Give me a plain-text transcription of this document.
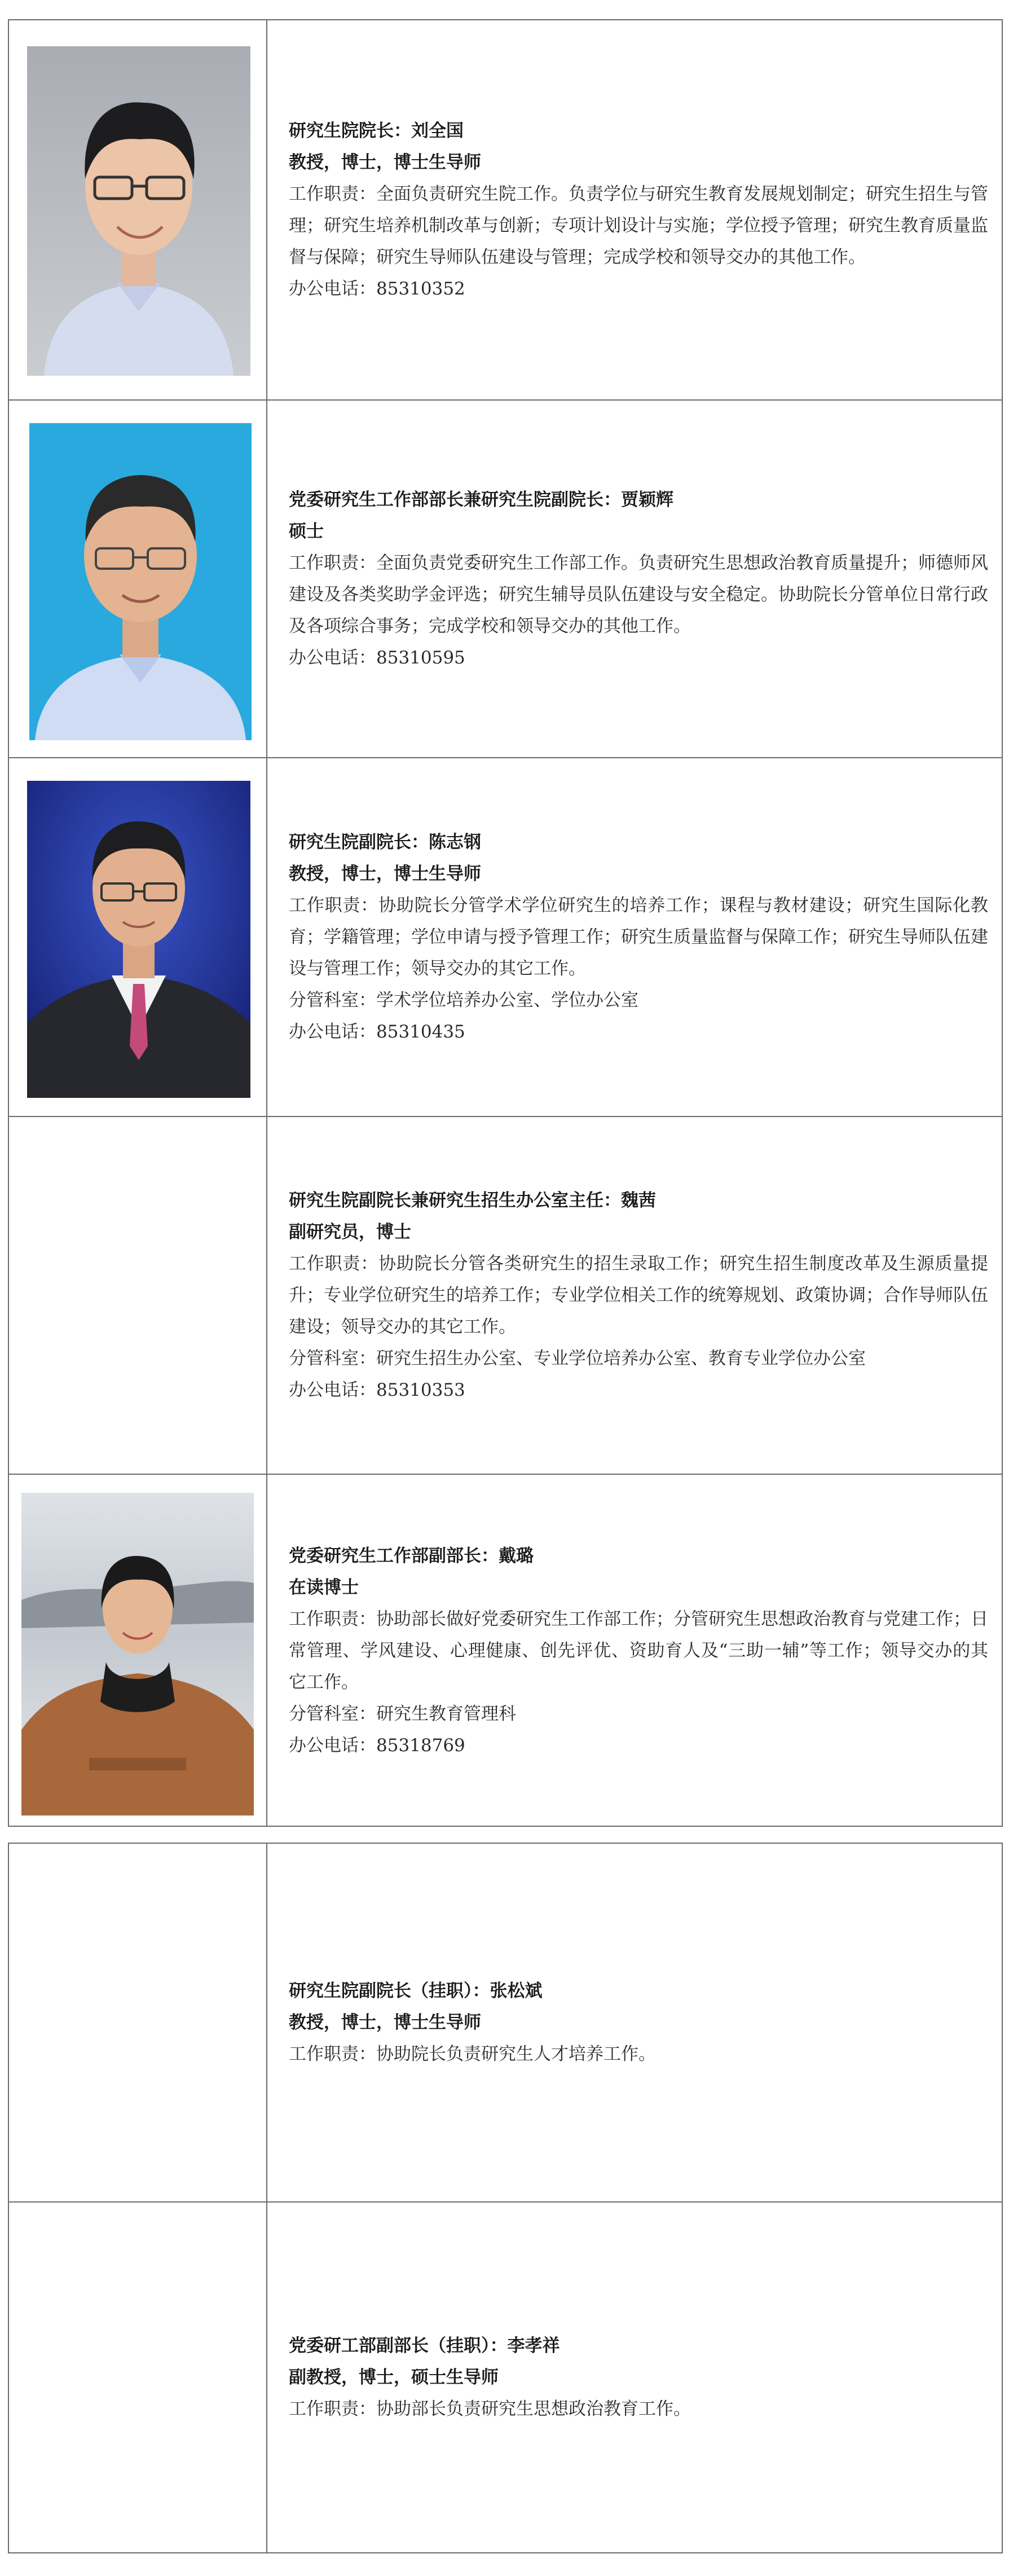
研究生院院长：刘全国

教授，博士，博士生导师

工作职责：全面负责研究生院工作。负责学位与研究生教育发展规划制定；研究生招生与管理；研究生培养机制改革与创新；专项计划设计与实施；学位授予管理；研究生教育质量监督与保障；研究生导师队伍建设与管理；完成学校和领导交办的其他工作。

办公电话：85310352

党委研究生工作部部长兼研究生院副院长：贾颖辉

硕士

工作职责：全面负责党委研究生工作部工作。负责研究生思想政治教育质量提升；师德师风建设及各类奖助学金评选；研究生辅导员队伍建设与安全稳定。协助院长分管单位日常行政及各项综合事务；完成学校和领导交办的其他工作。

办公电话：85310595

研究生院副院长：陈志钢

教授，博士，博士生导师

工作职责：协助院长分管学术学位研究生的培养工作；课程与教材建设；研究生国际化教育；学籍管理；学位申请与授予管理工作；研究生质量监督与保障工作；研究生导师队伍建设与管理工作；领导交办的其它工作。

分管科室：学术学位培养办公室、学位办公室

办公电话：85310435

研究生院副院长兼研究生招生办公室主任：魏茜

副研究员，博士

工作职责：协助院长分管各类研究生的招生录取工作；研究生招生制度改革及生源质量提升；专业学位研究生的培养工作；专业学位相关工作的统筹规划、政策协调；合作导师队伍建设；领导交办的其它工作。

分管科室：研究生招生办公室、专业学位培养办公室、教育专业学位办公室

办公电话：85310353

党委研究生工作部副部长：戴璐

在读博士

工作职责：协助部长做好党委研究生工作部工作；分管研究生思想政治教育与党建工作；日常管理、学风建设、心理健康、创先评优、资助育人及“三助一辅”等工作；领导交办的其它工作。

分管科室：研究生教育管理科

办公电话：85318769

研究生院副院长（挂职）：张松斌

教授，博士，博士生导师

工作职责：协助院长负责研究生人才培养工作。

党委研工部副部长（挂职）：李孝祥

副教授，博士，硕士生导师

工作职责：协助部长负责研究生思想政治教育工作。
